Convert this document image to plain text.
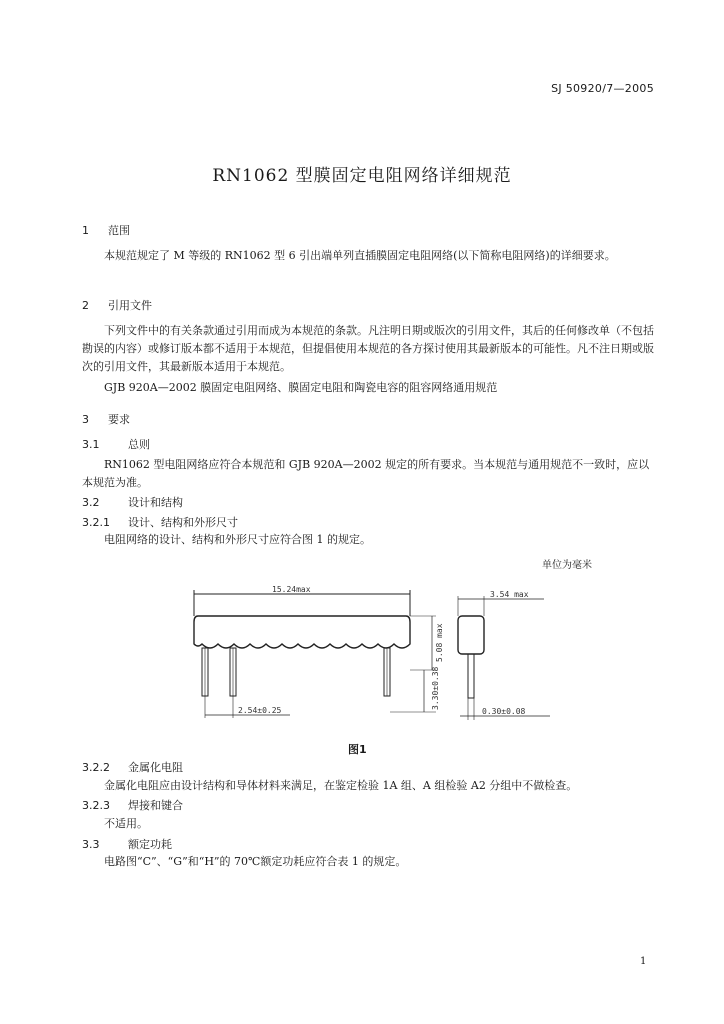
SJ 50920/7—2005
RN1062 型膜固定电阻网络详细规范
1 范围
本规范规定了 M 等级的 RN1062 型 6 引出端单列直插膜固定电阻网络(以下简称电阻网络)的详细要求。
2 引用文件
下列文件中的有关条款通过引用而成为本规范的条款。凡注明日期或版次的引用文件，其后的任何修改单（不包括勘误的内容）或修订版本都不适用于本规范，但提倡使用本规范的各方探讨使用其最新版本的可能性。凡不注日期或版次的引用文件，其最新版本适用于本规范。
GJB 920A—2002 膜固定电阻网络、膜固定电阻和陶瓷电容的阻容网络通用规范
3 要求
3.1	总则
RN1062 型电阻网络应符合本规范和 GJB 920A—2002 规定的所有要求。当本规范与通用规范不一致时，应以本规范为准。
3.2	设计和结构
3.2.1 设计、结构和外形尺寸
电阻网络的设计、结构和外形尺寸应符合图 1 的规定。
单位为毫米
15.24max
3.54 max
5.08 max
3.30±0.38
2.54±0.25	0.30±0.08
图1
3.2.2 金属化电阻
金属化电阻应由设计结构和导体材料来满足，在鉴定检验 1A 组、A 组检验 A2 分组中不做检查。
3.2.3 焊接和键合
不适用。
3.3	额定功耗
电路图“C”、“G”和“H”的 70℃额定功耗应符合表 1 的规定。
1
